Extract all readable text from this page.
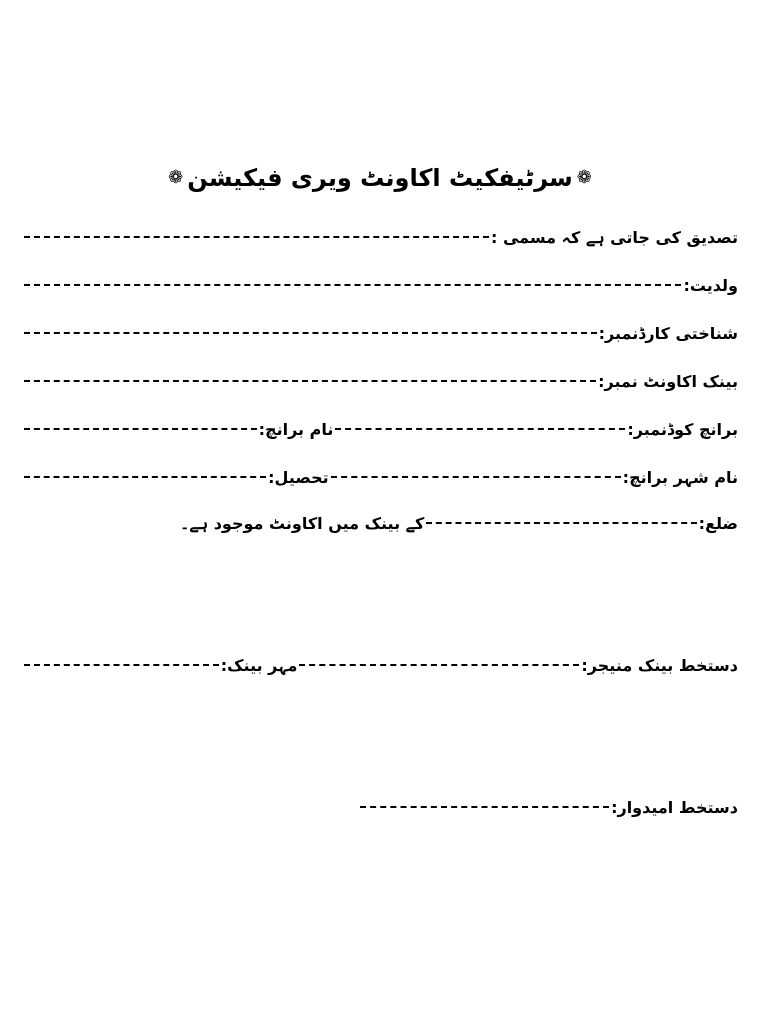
❁ سرٹیفکیٹ اکاونٹ ویری فیکیشن ❁
تصدیق کی جاتی ہے کہ مسمی :
ولدیت:
شناختی کارڈنمبر:
بینک اکاونٹ نمبر:
برانچ کوڈنمبر:
نام برانچ:
نام شہر برانچ:
تحصیل:
ضلع:
کے بینک میں اکاونٹ موجود ہے۔
دستخط بینک منیجر:
مہر بینک:
دستخط امیدوار:
